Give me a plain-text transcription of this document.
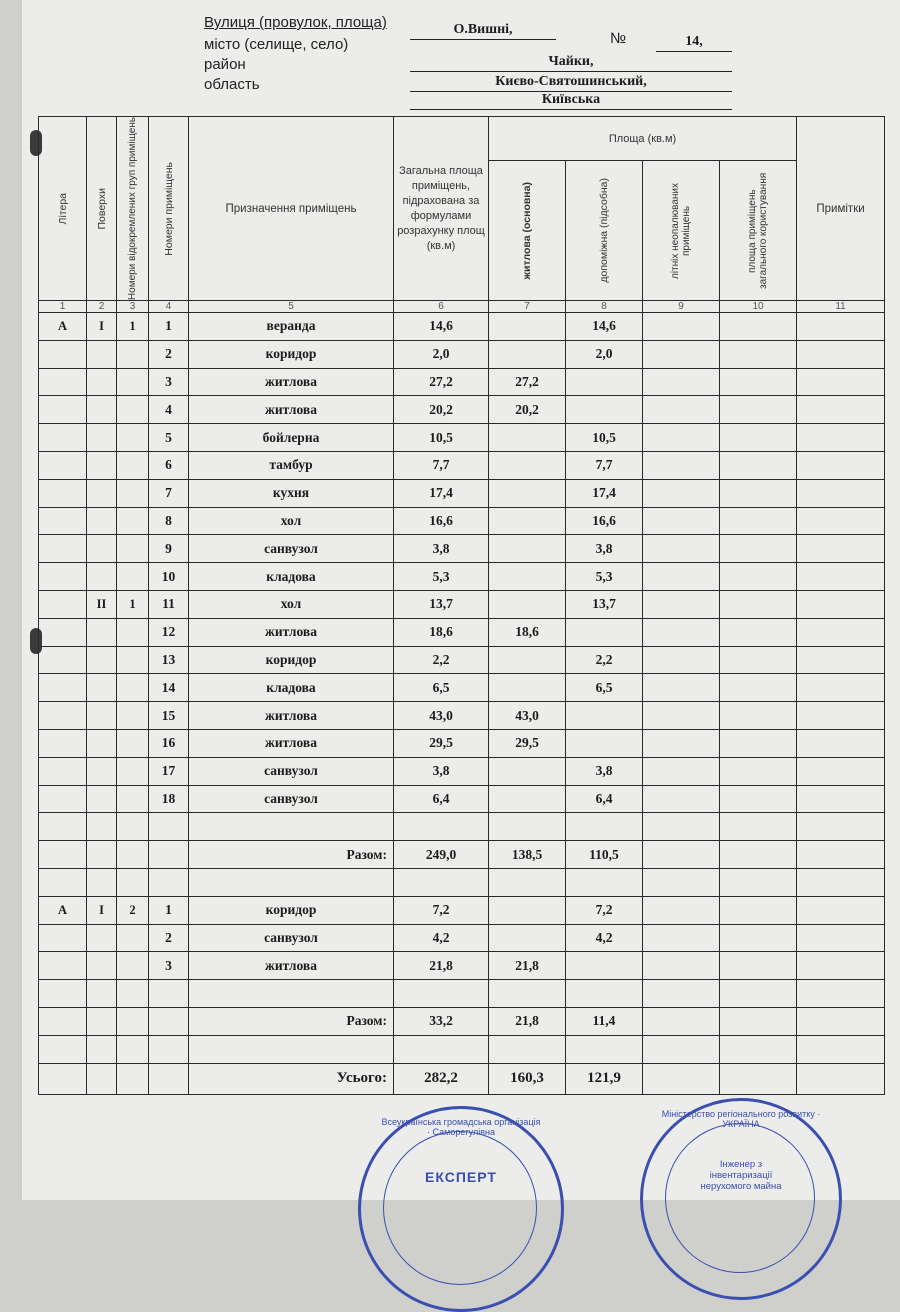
Вулиця (провулок, площа)
місто (селище, село)
район
область
О.Вишні,
№	14,
Чайки,
Києво-Святошинський,
Київська
Літера	Поверхи	Номери відокремлених груп приміщень	Номери приміщень	Призначення приміщень	Загальна площа приміщень, підрахована за формулами розрахунку площ (кв.м)	Площа (кв.м)				Примітки

						житлова (основна)	допоміжна (підсобна)	літніх неопалюваних приміщень	площа приміщень загального користування	

1	2	3	4	5	6	7	8	9	10	11
А	І	1	1	веранда	14,6		14,6			
			2	коридор	2,0		2,0			
			3	житлова	27,2	27,2				
			4	житлова	20,2	20,2				
			5	бойлерна	10,5		10,5			
			6	тамбур	7,7		7,7			
			7	кухня	17,4		17,4			
			8	хол	16,6		16,6			
			9	санвузол	3,8		3,8			
			10	кладова	5,3		5,3			
	ІІ	1	11	хол	13,7		13,7			
			12	житлова	18,6	18,6				
			13	коридор	2,2		2,2			
			14	кладова	6,5		6,5			
			15	житлова	43,0	43,0				
			16	житлова	29,5	29,5				
			17	санвузол	3,8		3,8			
			18	санвузол	6,4		6,4			

				Разом:	249,0	138,5	110,5			

А	І	2	1	коридор	7,2		7,2			
			2	санвузол	4,2		4,2			
			3	житлова	21,8	21,8				

				Разом:	33,2	21,8	11,4			

				Усього:	282,2	160,3	121,9			
Всеукраїнська громадська організація · Саморегулівна
ЕКСПЕРТ
Міністерство регіонального розвитку · УКРАЇНА
Інженер з інвентаризації нерухомого майна
